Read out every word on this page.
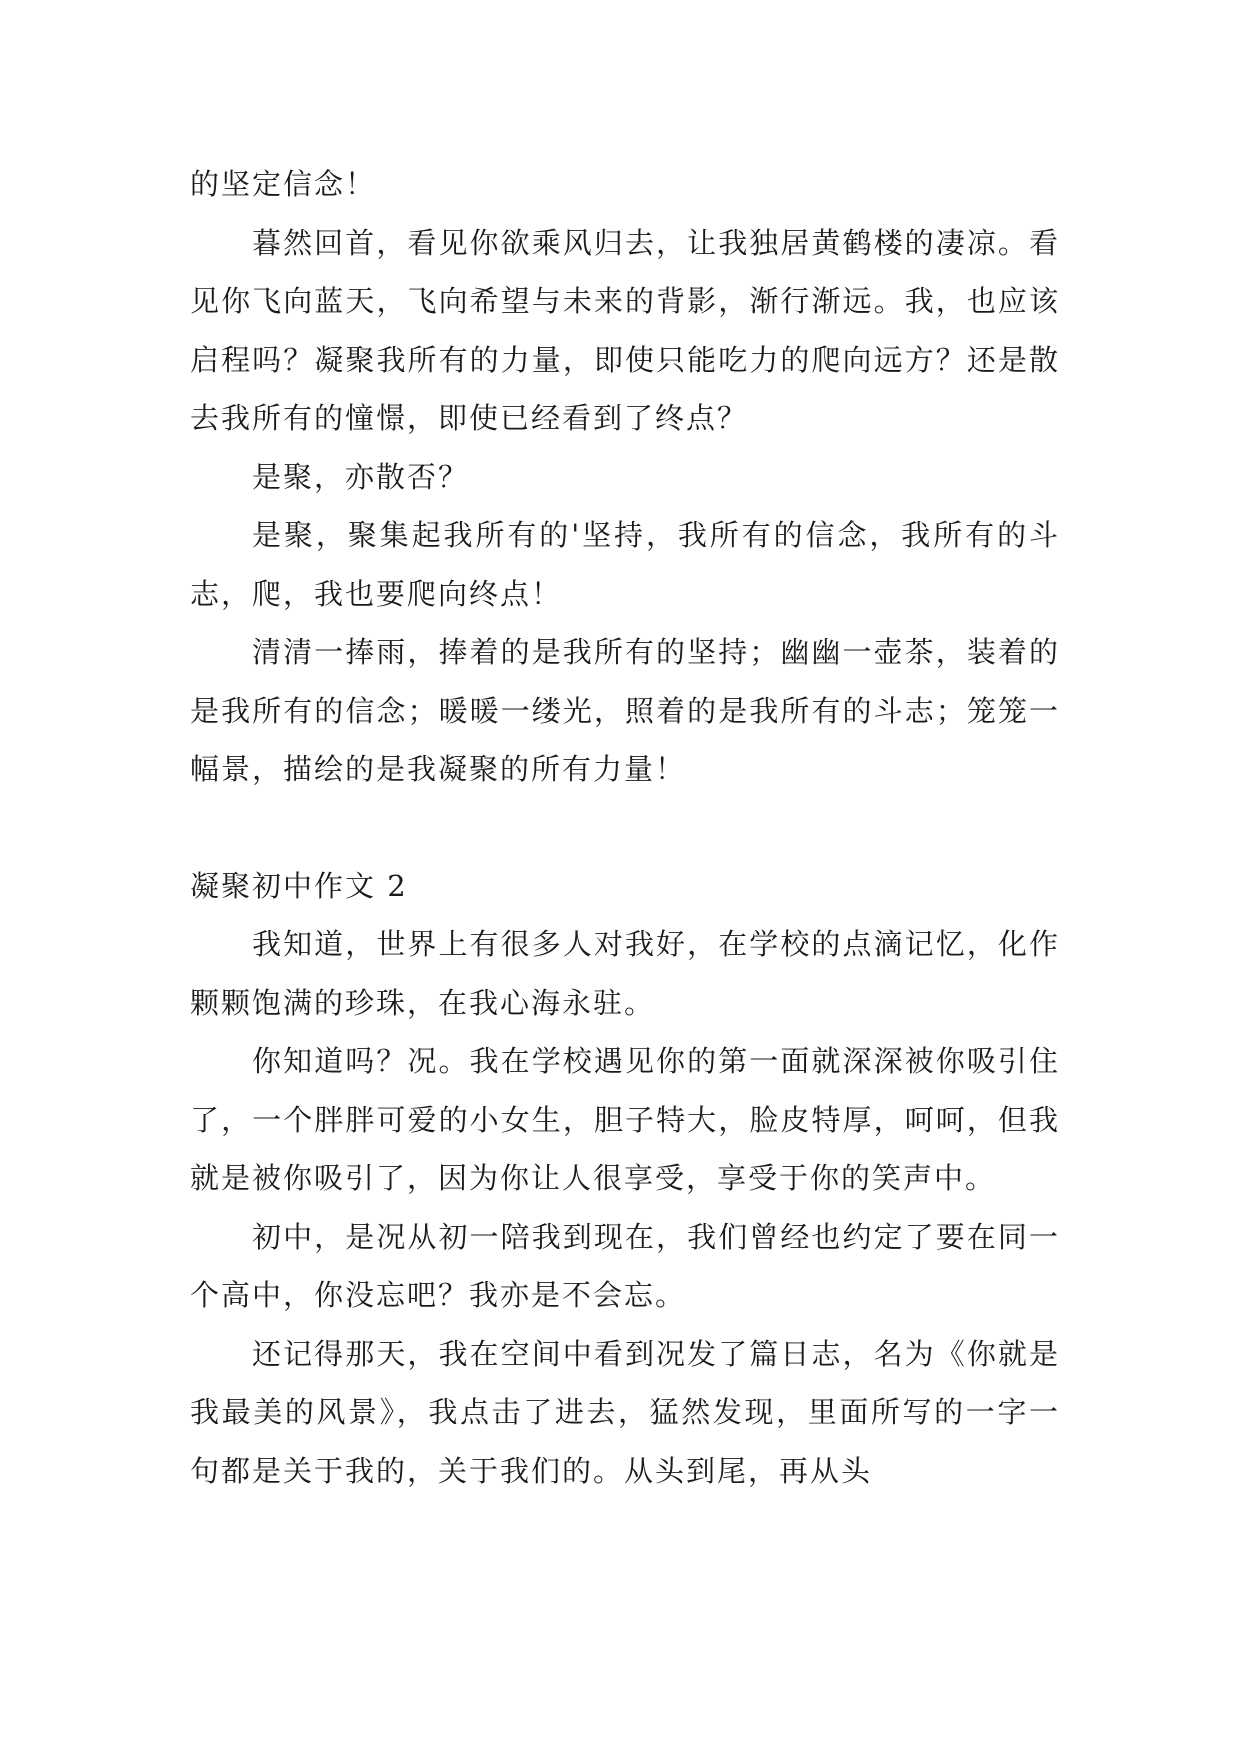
的坚定信念！

暮然回首，看见你欲乘风归去，让我独居黄鹤楼的凄凉。看见你飞向蓝天，飞向希望与未来的背影，渐行渐远。我，也应该启程吗？凝聚我所有的力量，即使只能吃力的爬向远方？还是散去我所有的憧憬，即使已经看到了终点？

是聚，亦散否？

是聚，聚集起我所有的'坚持，我所有的信念，我所有的斗志，爬，我也要爬向终点！

清清一捧雨，捧着的是我所有的坚持；幽幽一壶茶，装着的是我所有的信念；暖暖一缕光，照着的是我所有的斗志；笼笼一幅景，描绘的是我凝聚的所有力量！

凝聚初中作文 2

我知道，世界上有很多人对我好，在学校的点滴记忆，化作颗颗饱满的珍珠，在我心海永驻。

你知道吗？况。我在学校遇见你的第一面就深深被你吸引住了，一个胖胖可爱的小女生，胆子特大，脸皮特厚，呵呵，但我就是被你吸引了，因为你让人很享受，享受于你的笑声中。

初中，是况从初一陪我到现在，我们曾经也约定了要在同一个高中，你没忘吧？我亦是不会忘。

还记得那天，我在空间中看到况发了篇日志，名为《你就是我最美的风景》，我点击了进去，猛然发现，里面所写的一字一句都是关于我的，关于我们的。从头到尾，再从头
